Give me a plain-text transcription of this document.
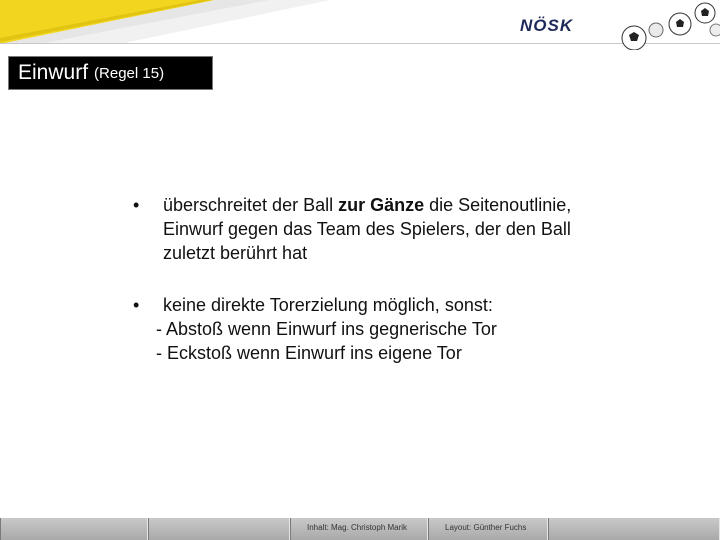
NÖSK
Einwurf (Regel 15)
• überschreitet der Ball zur Gänze die Seitenoutlinie, Einwurf gegen das Team des Spielers, der den Ball zuletzt berührt hat
• keine direkte Torerzielung möglich, sonst:
- Abstoß wenn Einwurf ins gegnerische Tor
- Eckstoß wenn Einwurf ins eigene Tor
Inhalt: Mag. Christoph Marik	Layout: Günther Fuchs
